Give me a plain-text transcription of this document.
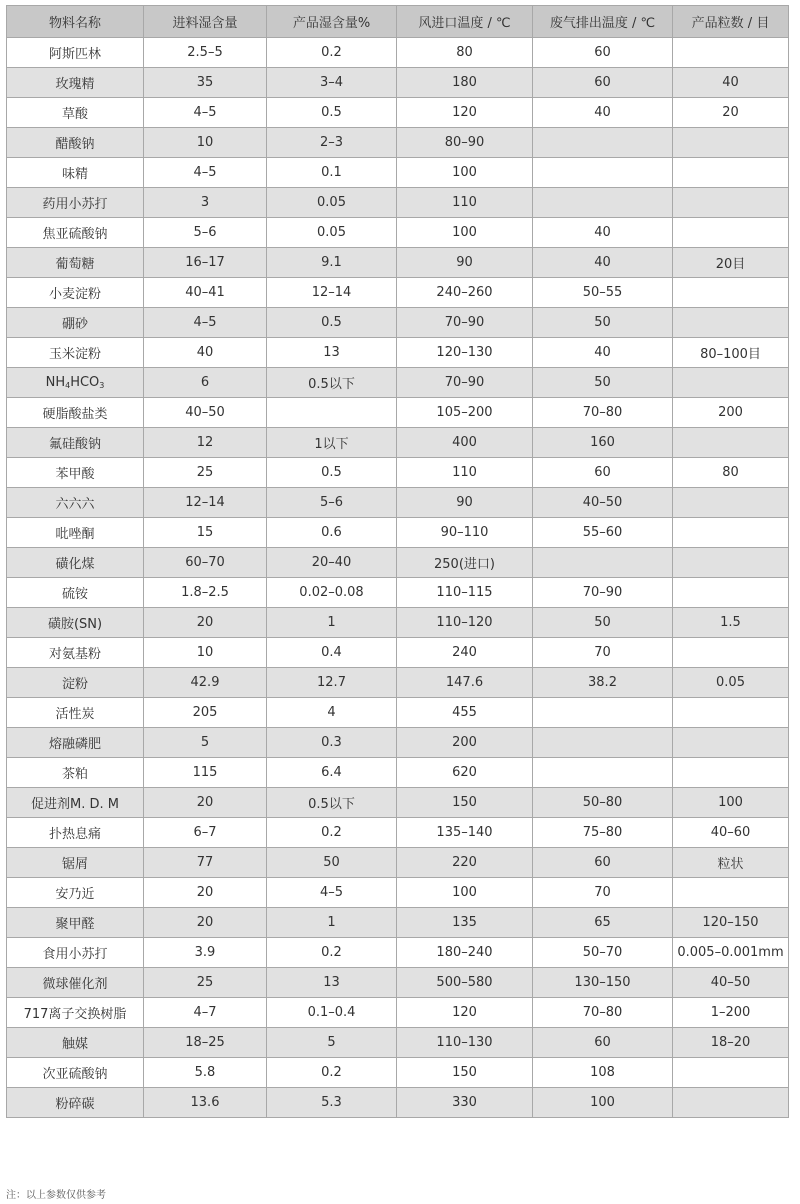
物料名称	进料湿含量	产品湿含量%	风进口温度 / ℃	废气排出温度 / ℃	产品粒数 / 目
阿斯匹林	2.5–5	0.2	80	60	
玫瑰精	35	3–4	180	60	40
草酸	4–5	0.5	120	40	20
醋酸钠	10	2–3	80–90		
味精	4–5	0.1	100		
药用小苏打	3	0.05	110		
焦亚硫酸钠	5–6	0.05	100	40	
葡萄糖	16–17	9.1	90	40	20目
小麦淀粉	40–41	12–14	240–260	50–55	
硼砂	4–5	0.5	70–90	50	
玉米淀粉	40	13	120–130	40	80–100目
$NH_4HCO_3$	6	0.5以下	70–90	50	
硬脂酸盐类	40–50		105–200	70–80	200
氟硅酸钠	12	1以下	400	160	
苯甲酸	25	0.5	110	60	80
六六六	12–14	5–6	90	40–50	
吡唑酮	15	0.6	90–110	55–60	
磺化煤	60–70	20–40	250(进口)		
硫铵	1.8–2.5	0.02–0.08	110–115	70–90	
磺胺(SN)	20	1	110–120	50	1.5
对氨基粉	10	0.4	240	70	
淀粉	42.9	12.7	147.6	38.2	0.05
活性炭	205	4	455		
熔融磷肥	5	0.3	200		
茶粕	115	6.4	620		
促进剂M. D. M	20	0.5以下	150	50–80	100
扑热息痛	6–7	0.2	135–140	75–80	40–60
锯屑	77	50	220	60	粒状
安乃近	20	4–5	100	70	
聚甲醛	20	1	135	65	120–150
食用小苏打	3.9	0.2	180–240	50–70	0.005–0.001mm
微球催化剂	25	13	500–580	130–150	40–50
717离子交换树脂	4–7	0.1–0.4	120	70–80	1–200
触媒	18–25	5	110–130	60	18–20
次亚硫酸钠	5.8	0.2	150	108	
粉碎碳	13.6	5.3	330	100	
注：以上参数仅供参考
